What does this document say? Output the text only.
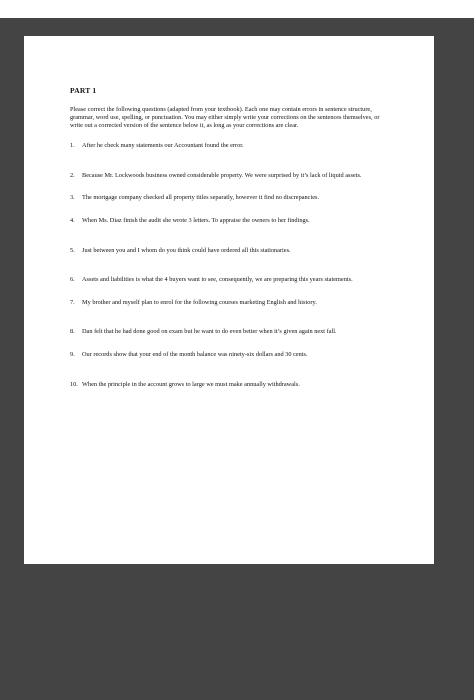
PART 1

Please correct the following questions (adapted from your textbook). Each one may contain errors in sentence structure, grammar, word use, spelling, or punctuation. You may either simply write your corrections on the sentences themselves, or write out a corrected version of the sentence below it, as long as your corrections are clear.

1.	After he check many statements our Accountant found the error.
2.	Because Mr. Lockwoods business owned considerable property. We were surprised by it’s lack of liquid assets.
3.	The mortgage company checked all property titles separatly, however it find no discrepancies.
4.	When Ms. Diaz finish the audit she wrote 3 letters. To appraise the owners to her findings.
5.	Just between you and I whom do you think could have ordered all this stationaries.
6.	Assets and liabilities is what the 4 buyers want to see, consequently, we are preparing this years statements.
7.	My brother and myself plan to enrol for the following courses marketing English and history.
8.	Dan felt that he had done good on exam but he want to do even better when it’s given again next fall.
9.	Our records show that your end of the month balance was ninety-six dollars and 30 cents.
10. When the principle in the account grows to large we must make annually withdrawals.
